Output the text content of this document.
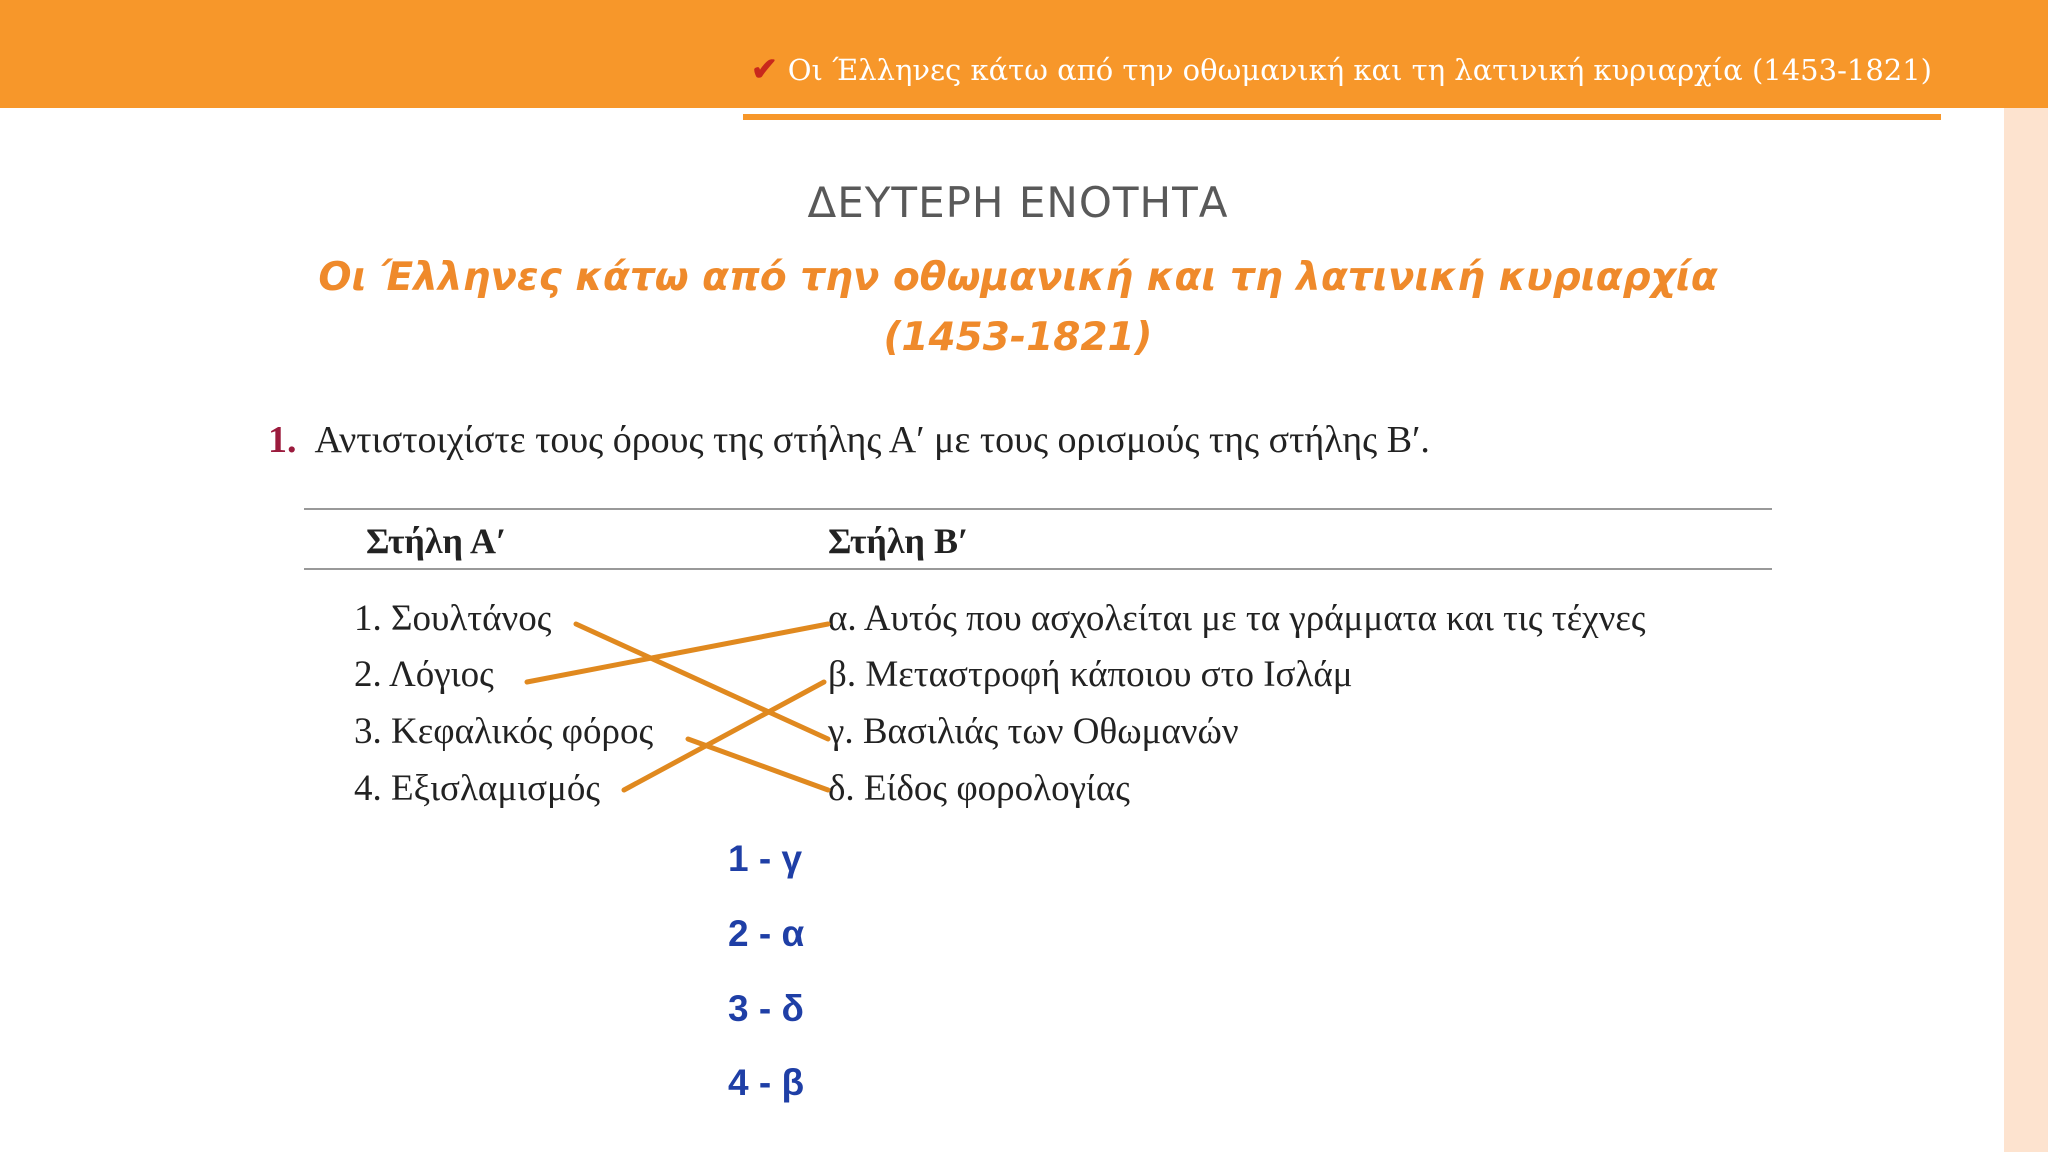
✔ Οι Έλληνες κάτω από την οθωμανική και τη λατινική κυριαρχία (1453-1821)
ΔΕΥΤΕΡΗ ΕΝΟΤΗΤΑ
Οι Έλληνες κάτω από την οθωμανική και τη λατινική κυριαρχία
(1453-1821)
1. Αντιστοιχίστε τους όρους της στήλης Α′ με τους ορισμούς της στήλης Β′.
Στήλη Α′	Στήλη Β′
1. Σουλτάνος
2. Λόγιος
3. Κεφαλικός φόρος
4. Εξισλαμισμός
α. Αυτός που ασχολείται με τα γράμματα και τις τέχνες
β. Μεταστροφή κάποιου στο Ισλάμ
γ. Βασιλιάς των Οθωμανών
δ. Είδος φορολογίας
1 - γ
2 - α
3 - δ
4 - β
